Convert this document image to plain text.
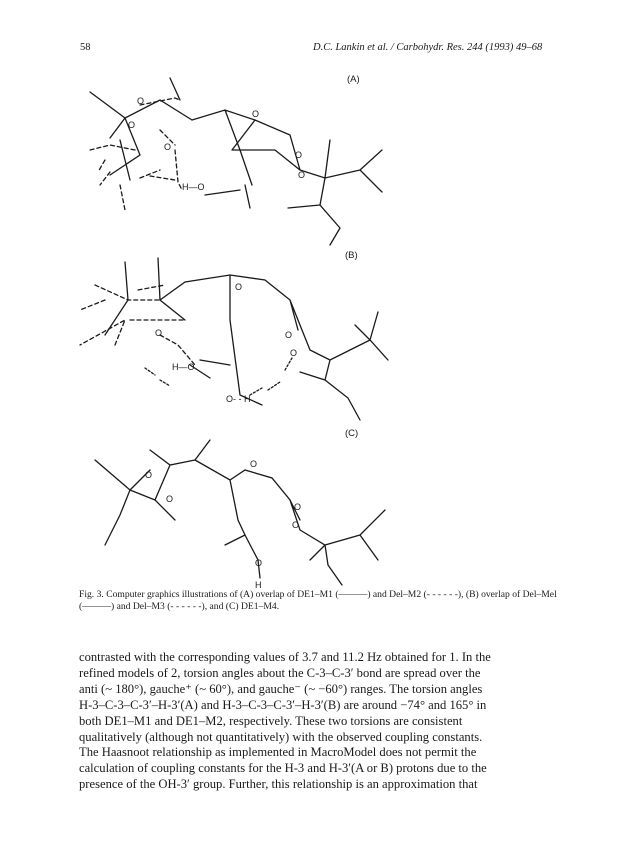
58	D.C. Lankin et al. / Carbohydr. Res. 244 (1993) 49–68
O
O
O
O
O
O
H—O
O
O	O
O
H—O
O- - H
O
O
O
O
O
O
H
(A)
(B)
(C)
Fig. 3. Computer graphics illustrations of (A) overlap of DE1–M1 (———) and Del–M2 (- - - - - -), (B) overlap of Del–Mel (———) and Del–M3 (- - - - - -), and (C) DE1–M4.
contrasted with the corresponding values of 3.7 and 11.2 Hz obtained for 1. In the
refined models of 2, torsion angles about the C-3–C-3′ bond are spread over the
anti (~ 180°), gauche⁺ (~ 60°), and gauche⁻ (~ −60°) ranges. The torsion angles
H-3–C-3–C-3′–H-3′(A) and H-3–C-3–C-3′–H-3′(B) are around −74° and 165° in
both DE1–M1 and DE1–M2, respectively. These two torsions are consistent
qualitatively (although not quantitatively) with the observed coupling constants.
The Haasnoot relationship as implemented in MacroModel does not permit the
calculation of coupling constants for the H-3 and H-3′(A or B) protons due to the
presence of the OH-3′ group. Further, this relationship is an approximation that
